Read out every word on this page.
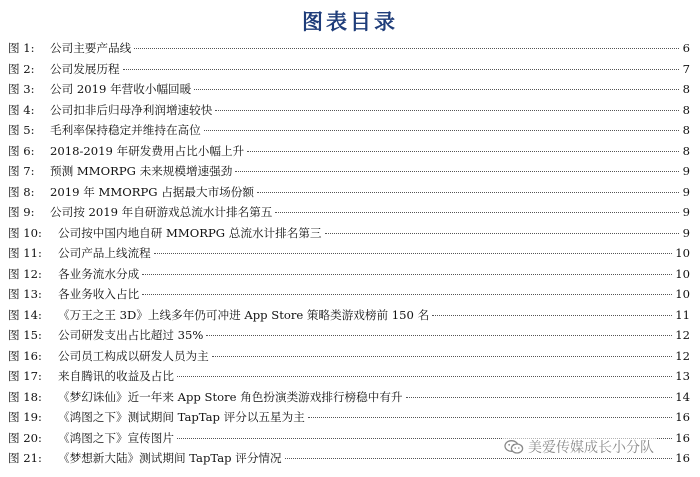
图表目录
图 1:	公司主要产品线	6
图 2:	公司发展历程	7
图 3:	公司 2019 年营收小幅回暖	8
图 4:	公司扣非后归母净利润增速较快	8
图 5:	毛利率保持稳定并维持在高位	8
图 6:	2018-2019 年研发费用占比小幅上升	8
图 7:	预测 MMORPG 未来规模增速强劲	9
图 8:	2019 年 MMORPG 占据最大市场份额	9
图 9:	公司按 2019 年自研游戏总流水计排名第五	9
图 10:	公司按中国内地自研 MMORPG 总流水计排名第三	9
图 11:	公司产品上线流程	10
图 12:	各业务流水分成	10
图 13:	各业务收入占比	10
图 14:	《万王之王 3D》上线多年仍可冲进 App Store 策略类游戏榜前 150 名	11
图 15:	公司研发支出占比超过 35%	12
图 16:	公司员工构成以研发人员为主	12
图 17:	来自腾讯的收益及占比	13
图 18:	《梦幻诛仙》近一年来 App Store 角色扮演类游戏排行榜稳中有升	14
图 19:	《鸿图之下》测试期间 TapTap 评分以五星为主	16
图 20:	《鸿图之下》宣传图片	16
图 21:	《梦想新大陆》测试期间 TapTap 评分情况	16
美爱传媒成长小分队
